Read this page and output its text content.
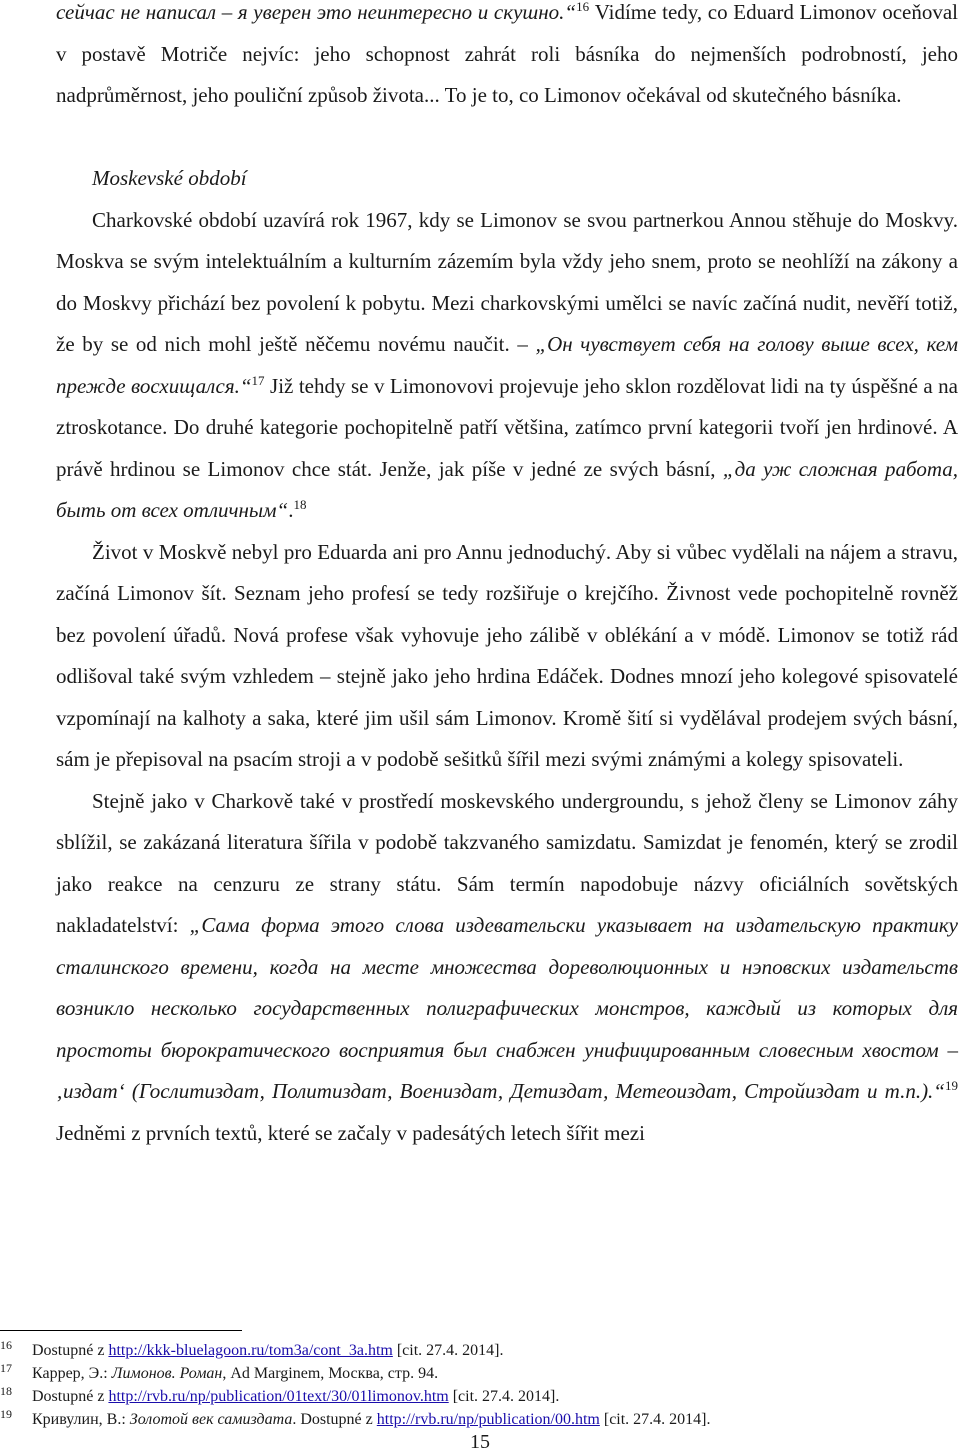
сейчас не написал – я уверен это неинтересно и скушно.“$^{16}$ Vidíme tedy, co Eduard Limonov oceňoval v postavě Motriče nejvíc: jeho schopnost zahrát roli básníka do nejmenších podrobností, jeho nadprůměrnost, jeho pouliční způsob života... To je to, co Limonov očekával od skutečného básníka.

Moskevské období

Charkovské období uzavírá rok 1967, kdy se Limonov se svou partnerkou Annou stěhuje do Moskvy. Moskva se svým intelektuálním a kulturním zázemím byla vždy jeho snem, proto se neohlíží na zákony a do Moskvy přichází bez povolení k pobytu. Mezi charkovskými umělci se navíc začíná nudit, nevěří totiž, že by se od nich mohl ještě něčemu novému naučit. – „Он чувствует себя на голову выше всех, кем прежде восхищался.“$^{17}$ Již tehdy se v Limonovovi projevuje jeho sklon rozdělovat lidi na ty úspěšné a na ztroskotance. Do druhé kategorie pochopitelně patří většina, zatímco první kategorii tvoří jen hrdinové. A právě hrdinou se Limonov chce stát. Jenže, jak píše v jedné ze svých básní, „да уж сложная работа, быть от всех отличным“.$^{18}$

Život v Moskvě nebyl pro Eduarda ani pro Annu jednoduchý. Aby si vůbec vydělali na nájem a stravu, začíná Limonov šít. Seznam jeho profesí se tedy rozšiřuje o krejčího. Živnost vede pochopitelně rovněž bez povolení úřadů. Nová profese však vyhovuje jeho zálibě v oblékání a v módě. Limonov se totiž rád odlišoval také svým vzhledem – stejně jako jeho hrdina Edáček. Dodnes mnozí jeho kolegové spisovatelé vzpomínají na kalhoty a saka, které jim ušil sám Limonov. Kromě šití si vydělával prodejem svých básní, sám je přepisoval na psacím stroji a v podobě sešitků šířil mezi svými známými a kolegy spisovateli.

Stejně jako v Charkově také v prostředí moskevského undergroundu, s jehož členy se Limonov záhy sblížil, se zakázaná literatura šířila v podobě takzvaného samizdatu. Samizdat je fenomén, který se zrodil jako reakce na cenzuru ze strany státu. Sám termín napodobuje názvy oficiálních sovětských nakladatelství: „Сама форма этого слова издевательски указывает на издательскую практику сталинского времени, когда на месте множества дореволюционных и нэповских издательств возникло несколько государственных полиграфических монстров, каждый из которых для простоты бюрократического восприятия был снабжен унифицированным словесным хвостом – ‚издат‘ (Гослитиздат, Политиздат, Воениздат, Детиздат, Метеоиздат, Стройиздат и т.п.).“$^{19}$ Jedněmi z prvních textů, které se začaly v padesátých letech šířit mezi

16 Dostupné z http://kkk-bluelagoon.ru/tom3a/cont_3a.htm [cit. 27.4. 2014].
17 Каррер, Э.: Лимонов. Роман, Ad Marginem, Москва, стр. 94.
18 Dostupné z http://rvb.ru/np/publication/01text/30/01limonov.htm [cit. 27.4. 2014].
19 Кривулин, В.: Золотой век самиздата. Dostupné z http://rvb.ru/np/publication/00.htm [cit. 27.4. 2014].
15
